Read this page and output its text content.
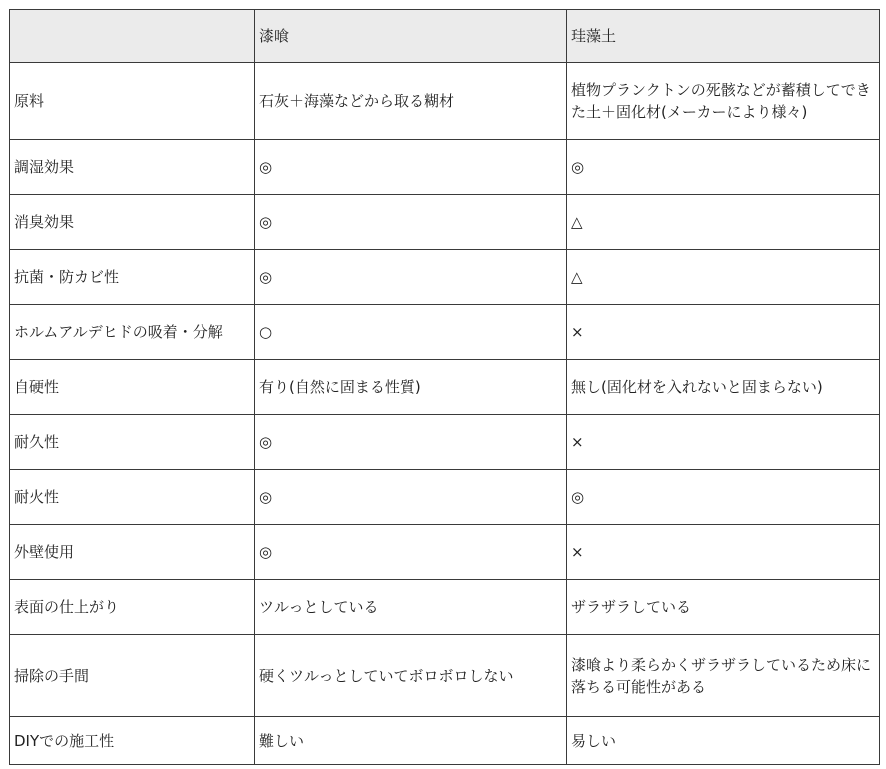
	漆喰	珪藻土
原料	石灰＋海藻などから取る糊材	植物プランクトンの死骸などが蓄積してできた土＋固化材(メーカーにより様々)
調湿効果	◎	◎
消臭効果	◎	△
抗菌・防カビ性	◎	△
ホルムアルデヒドの吸着・分解	○	×
自硬性	有り(自然に固まる性質)	無し(固化材を入れないと固まらない)
耐久性	◎	×
耐火性	◎	◎
外壁使用	◎	×
表面の仕上がり	ツルっとしている	ザラザラしている
掃除の手間	硬くツルっとしていてボロボロしない	漆喰より柔らかくザラザラしているため床に落ちる可能性がある
DIYでの施工性	難しい	易しい
